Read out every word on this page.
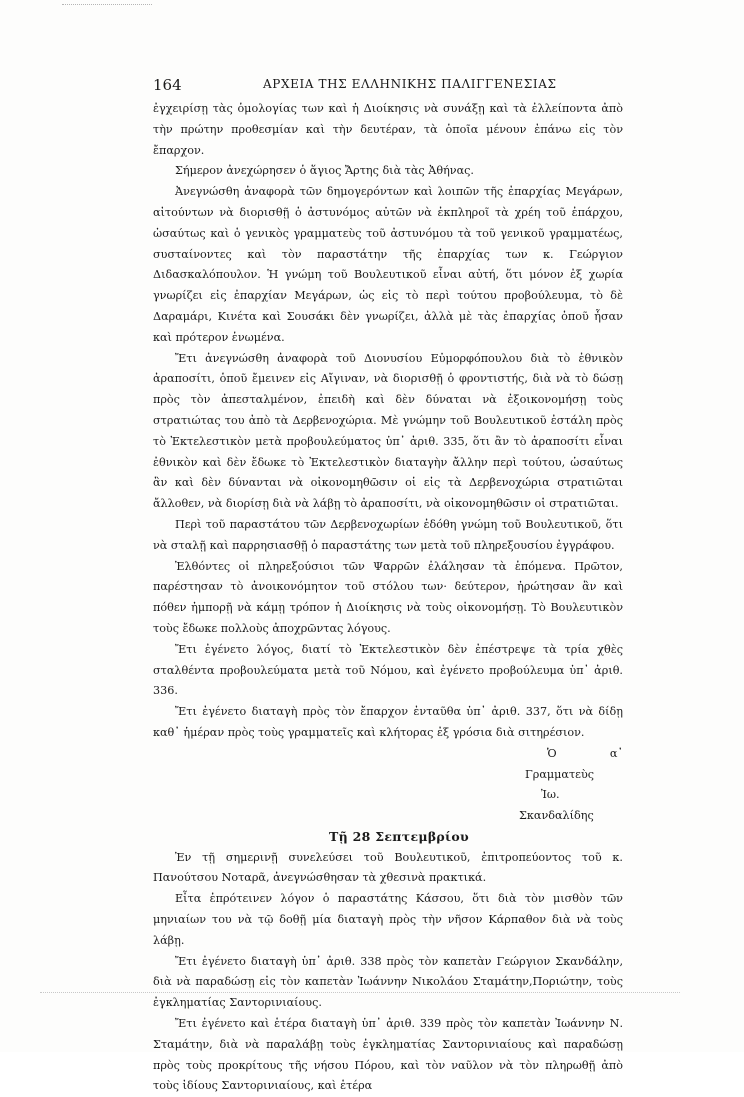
164	ΑΡΧΕΙΑ ΤΗΣ ΕΛΛΗΝΙΚΗΣ ΠΑΛΙΓΓΕΝΕΣΙΑΣ

ἐγχειρίσῃ τὰς ὁμολογίας των καὶ ἡ Διοίκησις νὰ συνάξῃ καὶ τὰ ἐλλείποντα ἀπὸ τὴν πρώτην προθεσμίαν καὶ τὴν δευτέραν, τὰ ὁποῖα μένουν ἐπάνω εἰς τὸν ἔπαρχον.

Σήμερον ἀνεχώρησεν ὁ ἅγιος Ἄρτης διὰ τὰς Ἀθήνας.

Ἀνεγνώσθη ἀναφορὰ τῶν δημογερόντων καὶ λοιπῶν τῆς ἐπαρχίας Μεγάρων, αἰτούντων νὰ διορισθῇ ὁ ἀστυνόμος αὐτῶν νὰ ἐκπληροῖ τὰ χρέη τοῦ ἐπάρχου, ὡσαύτως καὶ ὁ γενικὸς γραμματεὺς τοῦ ἀστυνόμου τὰ τοῦ γενικοῦ γραμματέως, συσταίνοντες καὶ τὸν παραστάτην τῆς ἐπαρχίας των κ. Γεώργιον Διδασκαλόπουλον. Ἡ γνώμη τοῦ Βουλευτικοῦ εἶναι αὐτή, ὅτι μόνον ἐξ χωρία γνωρίζει εἰς ἐπαρχίαν Μεγάρων, ὡς εἰς τὸ περὶ τούτου προβούλευμα, τὸ δὲ Δαραμάρι, Κινέτα καὶ Σουσάκι δὲν γνωρίζει, ἀλλὰ μὲ τὰς ἐπαρχίας ὁποῦ ἦσαν καὶ πρότερον ἑνωμένα.

Ἔτι ἀνεγνώσθη ἀναφορὰ τοῦ Διονυσίου Εὐμορφόπουλου διὰ τὸ ἐθνικὸν ἀραποσίτι, ὁποῦ ἔμεινεν εἰς Αἴγιναν, νὰ διορισθῇ ὁ φροντιστής, διὰ νὰ τὸ δώσῃ πρὸς τὸν ἀπεσταλμένον, ἐπειδὴ καὶ δὲν δύναται νὰ ἐξοικονομήσῃ τοὺς στρατιώτας του ἀπὸ τὰ Δερβενοχώρια. Μὲ γνώμην τοῦ Βουλευτικοῦ ἐστάλη πρὸς τὸ Ἐκτελεστικὸν μετὰ προβουλεύματος ὑπ᾽ ἀριθ. 335, ὅτι ἂν τὸ ἀραποσίτι εἶναι ἐθνικὸν καὶ δὲν ἔδωκε τὸ Ἐκτελεστικὸν διαταγὴν ἄλλην περὶ τούτου, ὡσαύτως ἂν καὶ δὲν δύνανται νὰ οἰκονομηθῶσιν οἱ εἰς τὰ Δερβενοχώρια στρατιῶται ἄλλοθεν, νὰ διορίσῃ διὰ νὰ λάβῃ τὸ ἀραποσίτι, νὰ οἰκονομηθῶσιν οἱ στρατιῶται.

Περὶ τοῦ παραστάτου τῶν Δερβενοχωρίων ἐδόθη γνώμη τοῦ Βουλευτικοῦ, ὅτι νὰ σταλῇ καὶ παρρησιασθῇ ὁ παραστάτης των μετὰ τοῦ πληρεξουσίου ἐγγράφου.

Ἐλθόντες οἱ πληρεξούσιοι τῶν Ψαρρῶν ἐλάλησαν τὰ ἑπόμενα. Πρῶτον, παρέστησαν τὸ ἀνοικονόμητον τοῦ στόλου των· δεύτερον, ἠρώτησαν ἂν καὶ πόθεν ἠμπορῇ νὰ κάμῃ τρόπον ἡ Διοίκησις νὰ τοὺς οἰκονομήσῃ. Τὸ Βουλευτικὸν τοὺς ἔδωκε πολλοὺς ἀποχρῶντας λόγους.

Ἔτι ἐγένετο λόγος, διατί τὸ Ἐκτελεστικὸν δὲν ἐπέστρεψε τὰ τρία χθὲς σταλθέντα προβουλεύματα μετὰ τοῦ Νόμου, καὶ ἐγένετο προβούλευμα ὑπ᾽ ἀριθ. 336.

Ἔτι ἐγένετο διαταγὴ πρὸς τὸν ἔπαρχον ἐνταῦθα ὑπ᾽ ἀριθ. 337, ὅτι νὰ δίδῃ καθ᾽ ἡμέραν πρὸς τοὺς γραμματεῖς καὶ κλήτορας ἐξ γρόσια διὰ σιτηρέσιον.

Ὁ α᾽ Γραμματεὺς

Ἰω. Σκανδαλίδης

Τῇ 28 Σεπτεμβρίου

Ἐν τῇ σημερινῇ συνελεύσει τοῦ Βουλευτικοῦ, ἐπιτροπεύοντος τοῦ κ. Πανούτσου Νοταρᾶ, ἀνεγνώσθησαν τὰ χθεσινὰ πρακτικά.

Εἶτα ἐπρότεινεν λόγον ὁ παραστάτης Κάσσου, ὅτι διὰ τὸν μισθὸν τῶν μηνιαίων του νὰ τῷ δοθῇ μία διαταγὴ πρὸς τὴν νῆσον Κάρπαθον διὰ νὰ τοὺς λάβῃ.

Ἔτι ἐγένετο διαταγὴ ὑπ᾽ ἀριθ. 338 πρὸς τὸν καπετὰν Γεώργιον Σκανδάλην, διὰ νὰ παραδώσῃ εἰς τὸν καπετὰν Ἰωάννην Νικολάου Σταμάτην,Ποριώτην, τοὺς ἐγκληματίας Σαντορινιαίους.

Ἔτι ἐγένετο καὶ ἑτέρα διαταγὴ ὑπ᾽ ἀριθ. 339 πρὸς τὸν καπετὰν Ἰωάννην Ν. Σταμάτην, διὰ νὰ παραλάβῃ τοὺς ἐγκληματίας Σαντορινιαίους καὶ παραδώσῃ πρὸς τοὺς προκρίτους τῆς νήσου Πόρου, καὶ τὸν ναῦλον νὰ τὸν πληρωθῇ ἀπὸ τοὺς ἰδίους Σαντορινιαίους, καὶ ἑτέρα
